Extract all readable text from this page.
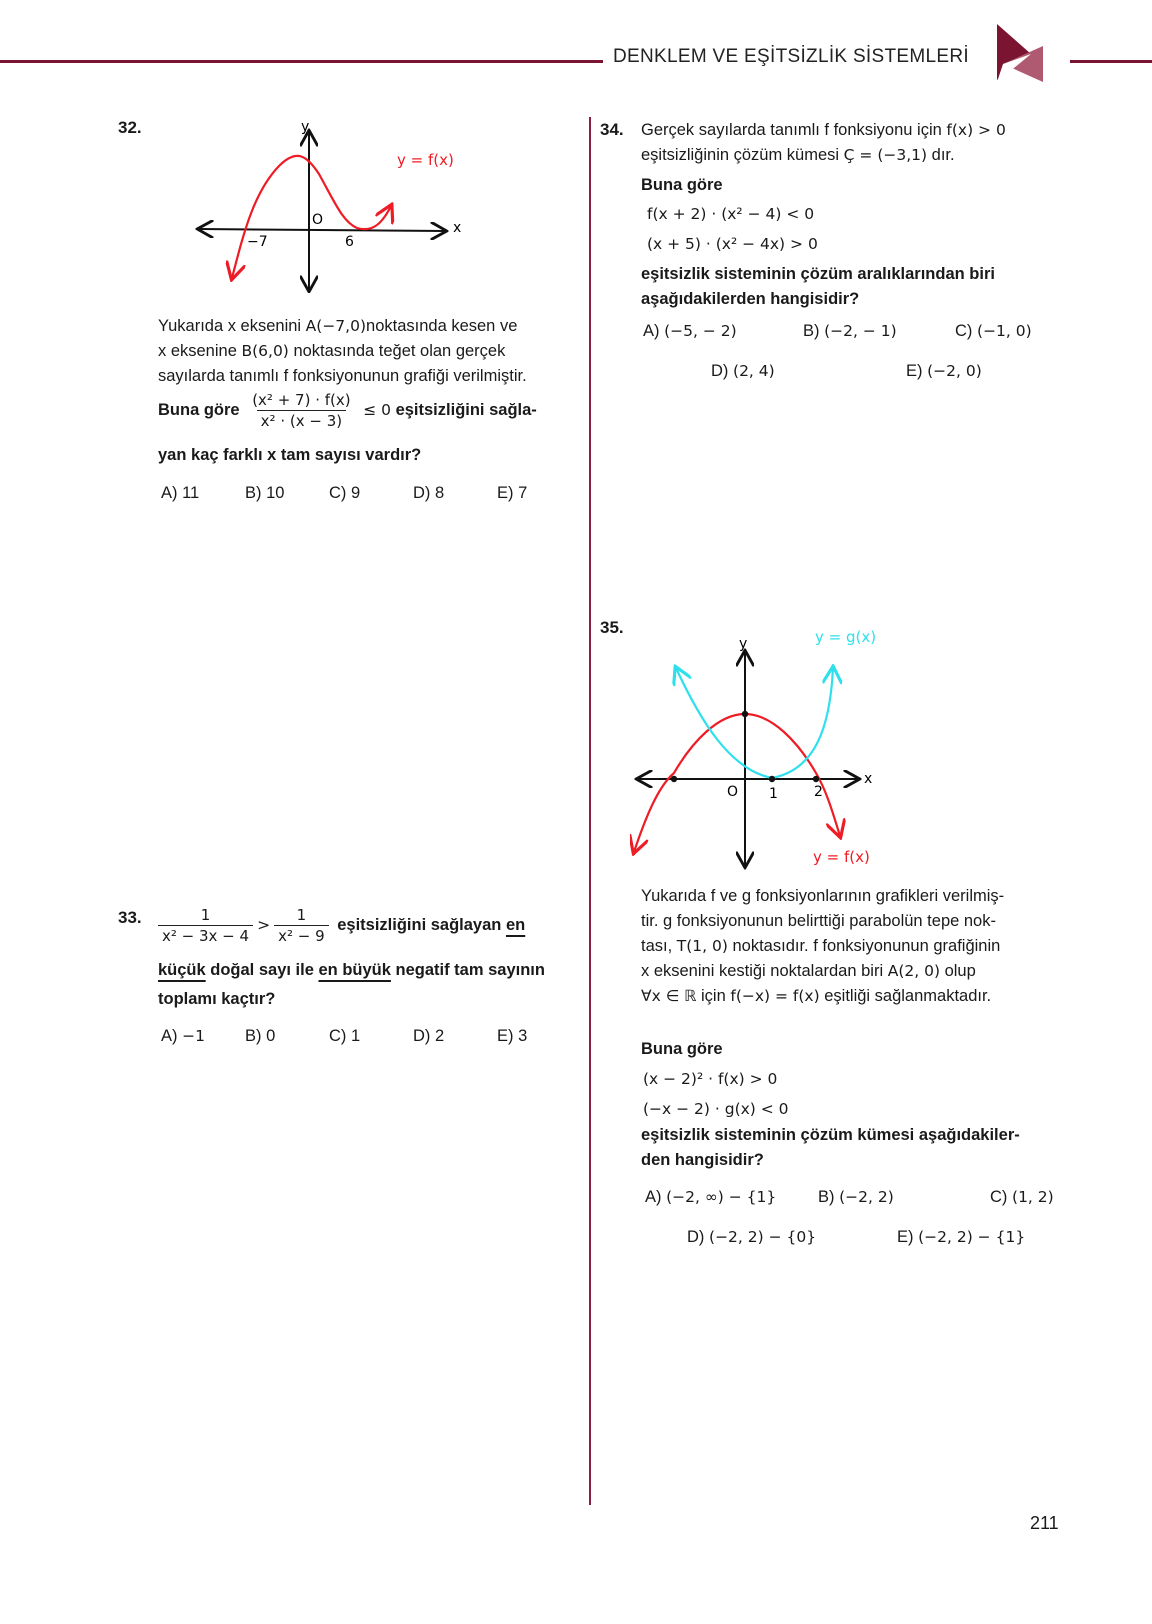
DENKLEM VE EŞİTSİZLİK SİSTEMLERİ
32.	y
x
O
−7	6
y = f(x)
Yukarıda x eksenini A(−7,0)noktasında kesen ve
x eksenine B(6,0) noktasında teğet olan gerçek
sayılarda tanımlı f fonksiyonunun grafiği verilmiştir.
Buna göre $\frac{\text{(x² + 7) · f(x)}}{\text{x² · (x − 3)}} \le 0$ eşitsizliğini sağla-
yan kaç farklı x tam sayısı vardır?
A) 11	B) 10	C) 9	D) 8	E) 7
33. $\frac{1}{\text{x² − 3x − 4}} > \frac{1}{\text{x² − 9}}$ eşitsizliğini sağlayan en
küçük doğal sayı ile en büyük negatif tam sayının
toplamı kaçtır?
A) −1 B) 0	C) 1	D) 2	E) 3
34. Gerçek sayılarda tanımlı f fonksiyonu için f(x) > 0
eşitsizliğinin çözüm kümesi Ç = (−3,1) dır.
Buna göre
f(x + 2) · (x² − 4) < 0
(x + 5) · (x² − 4x) > 0
eşitsizlik sisteminin çözüm aralıklarından biri
aşağıdakilerden hangisidir?
A) (−5, − 2)	B) (−2, − 1)	C) (−1, 0)
D) (2, 4)	E) (−2, 0)
35.
y
x
O 1	2
y = g(x)
y = f(x)
Yukarıda f ve g fonksiyonlarının grafikleri verilmiş-
tir. g fonksiyonunun belirttiği parabolün tepe nok-
tası, T(1, 0) noktasıdır. f fonksiyonunun grafiğinin
x eksenini kestiği noktalardan biri A(2, 0) olup
∀x ∈ ℝ için f(−x) = f(x) eşitliği sağlanmaktadır.
Buna göre
(x − 2)² · f(x) > 0
(−x − 2) · g(x) < 0
eşitsizlik sisteminin çözüm kümesi aşağıdakiler-
den hangisidir?
A) (−2, ∞) − {1}	B) (−2, 2)	C) (1, 2)
D) (−2, 2) − {0}	E) (−2, 2) − {1}
211
